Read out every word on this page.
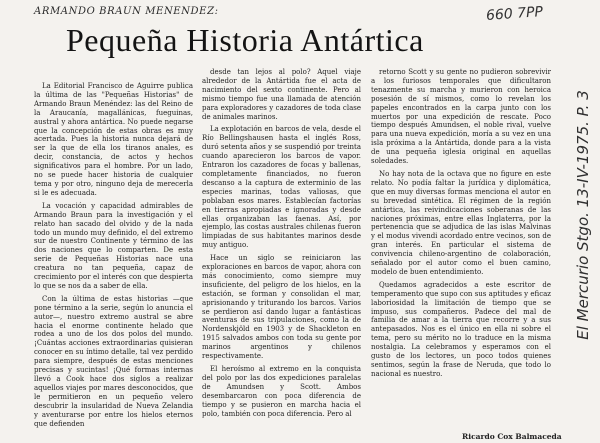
ARMANDO BRAUN MENENDEZ:
Pequeña Historia Antártica
660 7PP
El Mercurio Stgo. 13-IV-1975. P. 3

La Editorial Francisco de Aguirre publica la última de las "Pequeñas Historias" de Armando Braun Menéndez: las del Reino de la Araucanía, magallánicas, fueguinas, austral y ahora antártica. No puede negarse que la concepción de estas obras es muy acertada. Pues la historia nunca dejará de ser la que de ella los tiranos anales, es decir, constancia, de actos y hechos significativos para el hombre. Por un lado, no se puede hacer historia de cualquier tema y por otro, ninguno deja de merecerla si le es adecuada.

La vocación y capacidad admirables de Armando Braun para la investigación y el relato han sacado del olvido y de la nada todo un mundo muy definido, el del extremo sur de nuestro Continente y término de las dos naciones que lo comparten. De esta serie de Pequeñas Historias nace una creatura no tan pequeña, capaz de crecimiento por el interés con que despierta lo que se nos da a saber de ella.

Con la última de estas historias —que pone término a la serie, según lo anuncia el autor—, nuestro extremo austral se abre hacia el enorme continente helado que rodea a uno de los dos polos del mundo. ¡Cuántas acciones extraordinarias quisieran conocer en su íntimo detalle, tal vez perdido para siempre, después de estas menciones precisas y sucintas! ¡Qué formas internas llevó a Cook hace dos siglos a realizar aquellos viajes por mares desconocidos, que le permitieron en un pequeño velero descubrir la insularidad de Nueva Zelandia y aventurarse por entre los hielos eternos que defienden

desde tan lejos al polo? Aquel viaje alrededor de la Antártida fue el acta de nacimiento del sexto continente. Pero al mismo tiempo fue una llamada de atención para exploradores y cazadores de toda clase de animales marinos.

La explotación en barcos de vela, desde el Río Bellingshausen hasta el inglés Ross, duró setenta años y se suspendió por treinta cuando aparecieron los barcos de vapor. Entraron los cazadores de focas y ballenas, completamente financiados, no fueron descanso a la captura de exterminio de las especies marinas, todas valiosas, que poblaban esos mares. Establecían factorías en tierras apropiadas e ignoradas y desde ellas organizaban las faenas. Así, por ejemplo, las costas australes chilenas fueron limpiadas de sus habitantes marinos desde muy antiguo.

Hace un siglo se reiniciaron las exploraciones en barcos de vapor, ahora con más conocimiento, como siempre muy insuficiente, del peligro de los hielos, en la estación, se forman y consolidan el mar, aprisionando y triturando los barcos. Varios se perdieron así dando lugar a fantásticas aventuras de sus tripulaciones, como la de Nordenskjöld en 1903 y de Shackleton en 1915 salvados ambos con toda su gente por marinos argentinos y chilenos respectivamente.

El heroísmo al extremo en la conquista del polo por las dos expediciones paralelas de Amundsen y Scott. Ambos desembarcaron con poca diferencia de tiempo y se pusieron en marcha hacia el polo, también con poca diferencia. Pero al

retorno Scott y su gente no pudieron sobrevivir a los furiosos temporales que dificultaron tenazmente su marcha y murieron con heroica posesión de sí mismos, como lo revelan los papeles encontrados en la carpa junto con los muertos por una expedición de rescate. Poco tiempo después Amundsen, el noble rival, vuelve para una nueva expedición, moría a su vez en una isla próxima a la Antártida, donde para a la vista de una pequeña iglesia original en aquellas soledades.

No hay nota de la octava que no figure en este relato. No podía faltar la jurídica y diplomática, que en muy diversas formas menciona el autor en su brevedad sintética. El régimen de la región antártica, las reivindicaciones soberanas de las naciones próximas, entre ellas Inglaterra, por la pertenencia que se adjudica de las islas Malvinas y el modus vivendi acordado entre vecinos, son de gran interés. En particular el sistema de convivencia chileno-argentino de colaboración, señalado por el autor como el buen camino, modelo de buen entendimiento.

Quedamos agradecidos a este escritor de temperamento que supo con sus aptitudes y eficaz laboriosidad la limitación de tiempo que se impuso, sus compañeros. Padece del mal de familia de amar a la tierra que recorre y a sus antepasados. Nos es el único en ella ni sobre el tema, pero su mérito no lo traduce en la misma nostalgia. La celebramos y esperamos con el gusto de los lectores, un poco todos quienes sentimos, según la frase de Neruda, que todo lo nacional es nuestro.

Ricardo Cox Balmaceda
